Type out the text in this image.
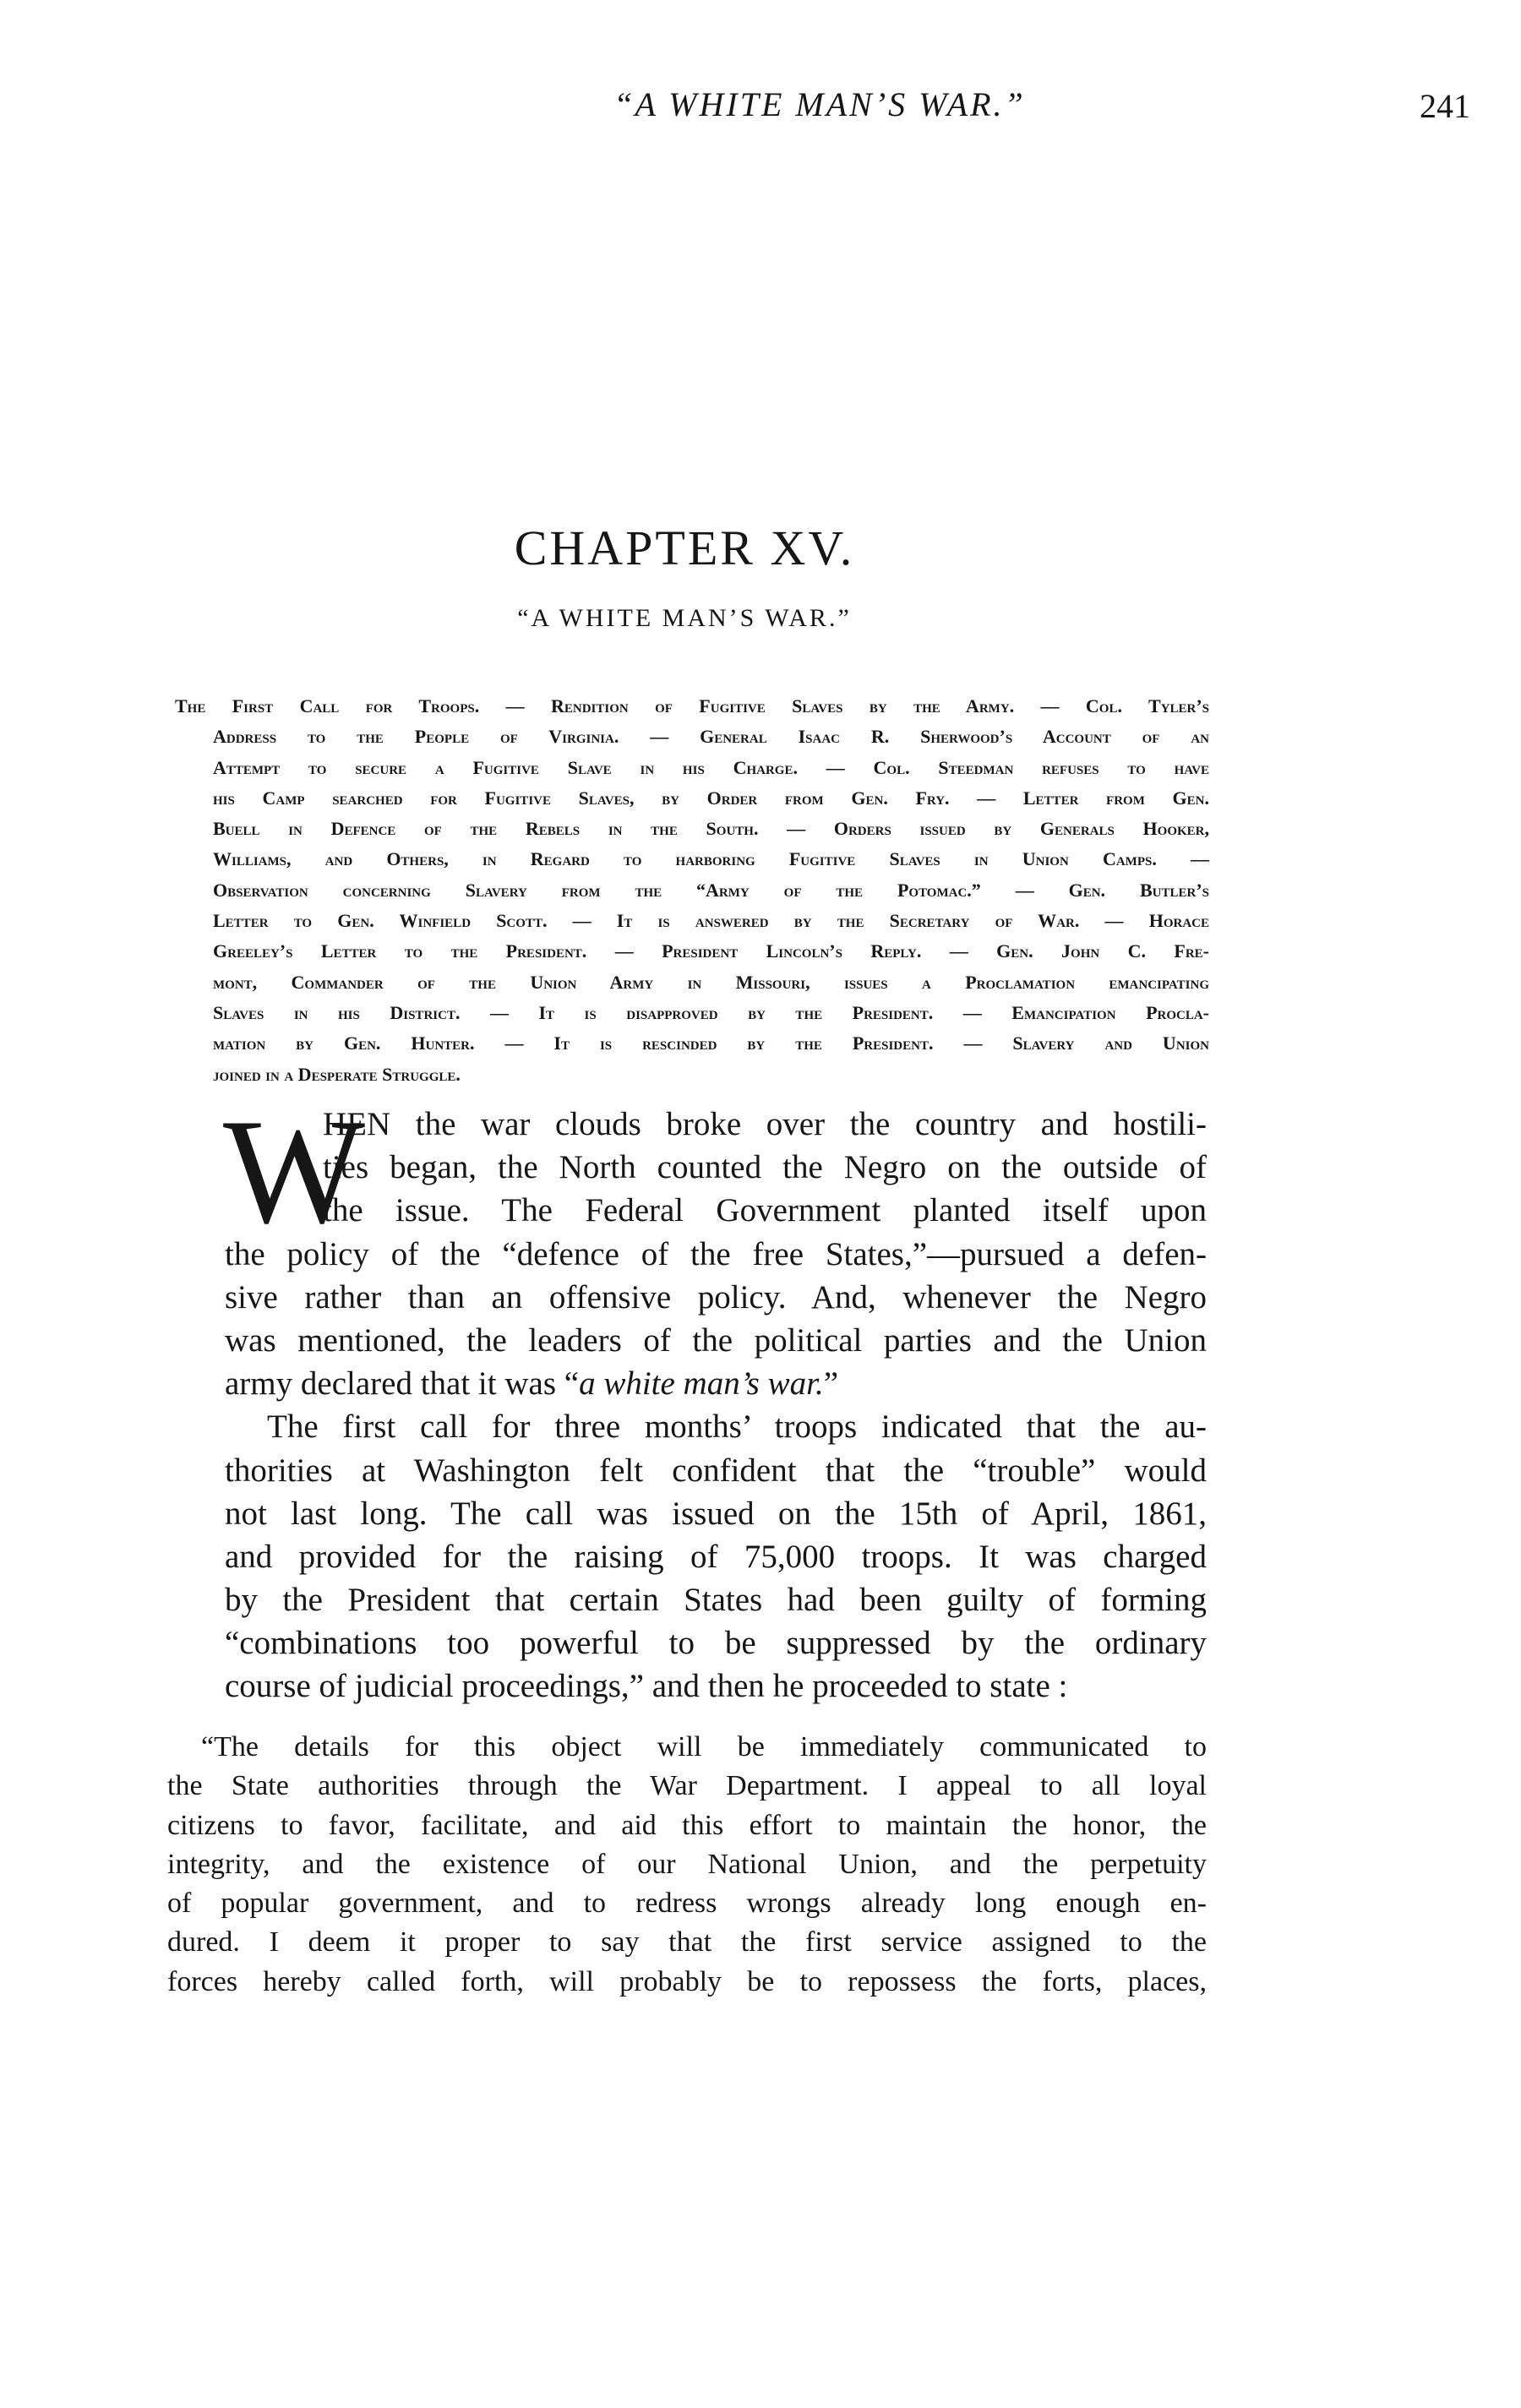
“A WHITE MAN’S WAR.”	241
CHAPTER XV.
“A WHITE MAN’S WAR.”
The First Call for Troops. — Rendition of Fugitive Slaves by the Army. — Col. Tyler’s
Address to the People of Virginia. — General Isaac R. Sherwood’s Account of an
Attempt to secure a Fugitive Slave in his Charge. — Col. Steedman refuses to have
his Camp searched for Fugitive Slaves, by Order from Gen. Fry. — Letter from Gen.
Buell in Defence of the Rebels in the South. — Orders issued by Generals Hooker,
Williams, and Others, in Regard to harboring Fugitive Slaves in Union Camps. —
Observation concerning Slavery from the “Army of the Potomac.” — Gen. Butler’s
Letter to Gen. Winfield Scott. — It is answered by the Secretary of War. — Horace
Greeley’s Letter to the President. — President Lincoln’s Reply. — Gen. John C. Fre-
mont, Commander of the Union Army in Missouri, issues a Proclamation emancipating
Slaves in his District. — It is disapproved by the President. — Emancipation Procla-
mation by Gen. Hunter. — It is rescinded by the President. — Slavery and Union
joined in a Desperate Struggle.
W
HEN the war clouds broke over the country and hostili-
ties began, the North counted the Negro on the outside of
the issue. The Federal Government planted itself upon
the policy of the “defence of the free States,”—pursued a defen-
sive rather than an offensive policy. And, whenever the Negro
was mentioned, the leaders of the political parties and the Union
army declared that it was “a white man’s war.”
The first call for three months’ troops indicated that the au-
thorities at Washington felt confident that the “trouble” would
not last long. The call was issued on the 15th of April, 1861,
and provided for the raising of 75,000 troops. It was charged
by the President that certain States had been guilty of forming
“combinations too powerful to be suppressed by the ordinary
course of judicial proceedings,” and then he proceeded to state :
“The details for this object will be immediately communicated to
the State authorities through the War Department. I appeal to all loyal
citizens to favor, facilitate, and aid this effort to maintain the honor, the
integrity, and the existence of our National Union, and the perpetuity
of popular government, and to redress wrongs already long enough en-
dured. I deem it proper to say that the first service assigned to the
forces hereby called forth, will probably be to repossess the forts, places,
